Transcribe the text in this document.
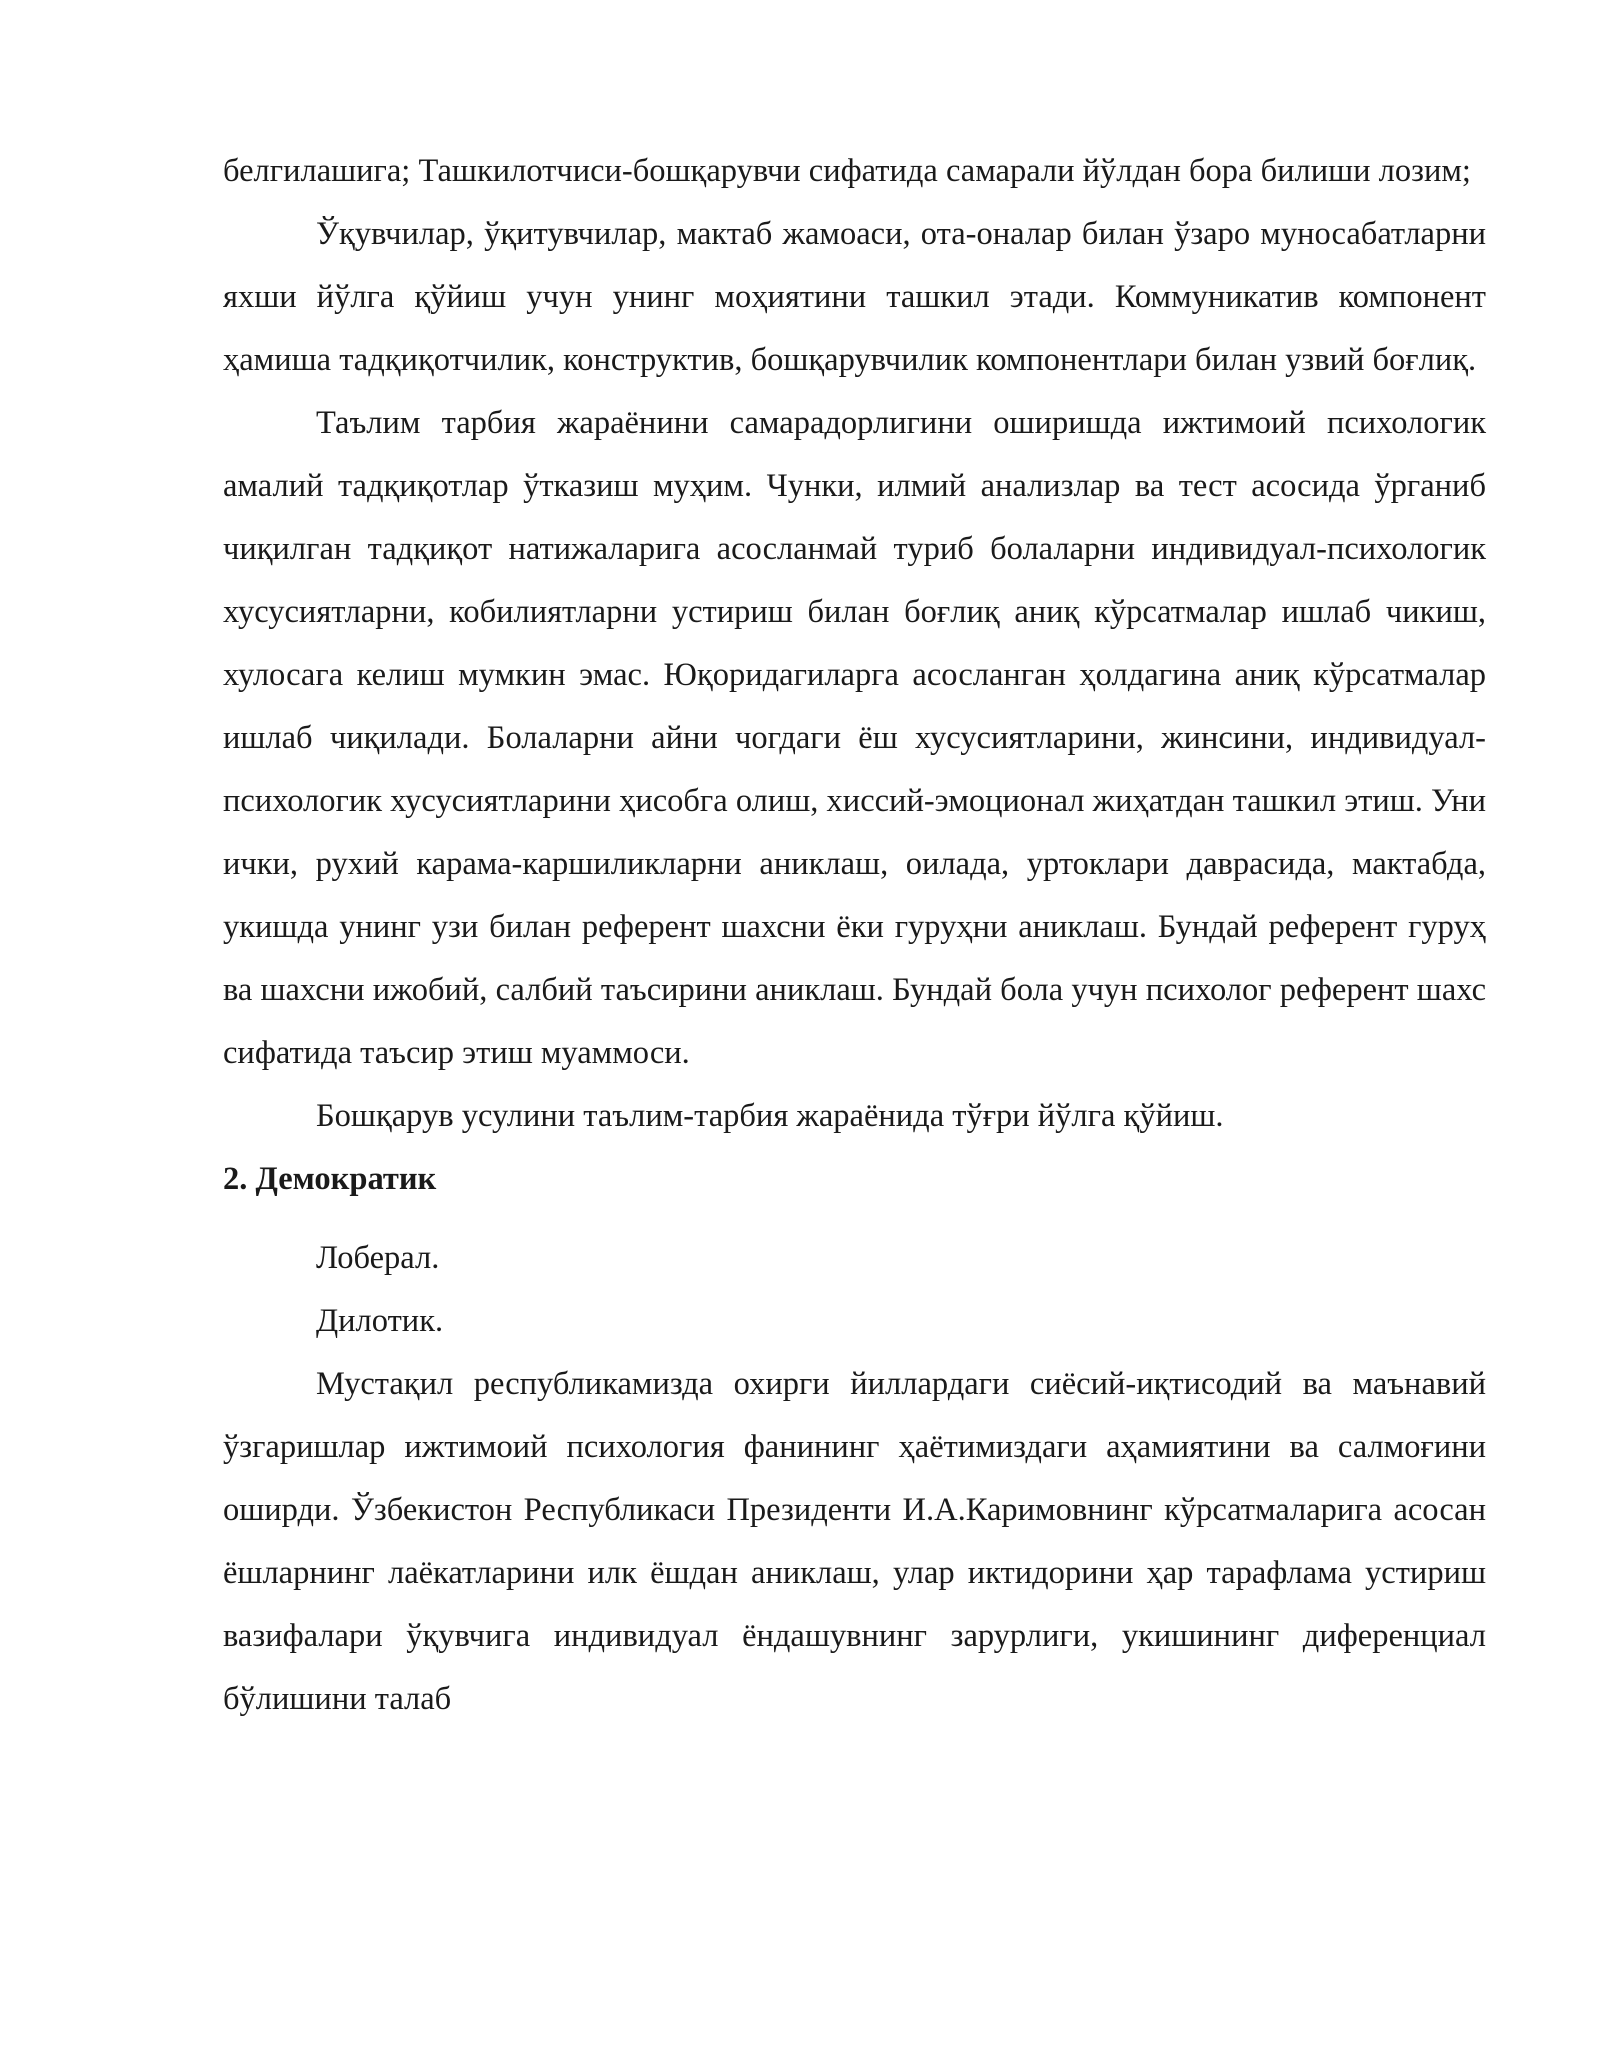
белгилашига; Ташкилотчиси-бошқарувчи сифатида самарали йўлдан бора билиши лозим;

Ўқувчилар, ўқитувчилар, мактаб жамоаси, ота-оналар билан ўзаро муносабатларни яхши йўлга қўйиш учун унинг моҳиятини ташкил этади. Коммуникатив компонент ҳамиша тадқиқотчилик, конструктив, бошқарувчилик компонентлари билан узвий боғлиқ.

Таълим тарбия жараёнини самарадорлигини оширишда ижтимоий психологик амалий тадқиқотлар ўтказиш муҳим. Чунки, илмий анализлар ва тест асосида ўрганиб чиқилган тадқиқот натижаларига асосланмай туриб болаларни индивидуал-психологик хусусиятларни, кобилиятларни устириш билан боғлиқ аниқ кўрсатмалар ишлаб чикиш, хулосага келиш мумкин эмас. Юқоридагиларга асосланган ҳолдагина аниқ кўрсатмалар ишлаб чиқилади. Болаларни айни чогдаги ёш хусусиятларини, жинсини, индивидуал-психологик хусусиятларини ҳисобга олиш, хиссий-эмоционал жиҳатдан ташкил этиш. Уни ички, рухий карама-каршиликларни аниклаш, оилада, уртоклари даврасида, мактабда, укишда унинг узи билан референт шахсни ёки гуруҳни аниклаш. Бундай референт гуруҳ ва шахсни ижобий, салбий таъсирини аниклаш. Бундай бола учун психолог референт шахс сифатида таъсир этиш муаммоси.

Бошқарув усулини таълим-тарбия жараёнида тўғри йўлга қўйиш.

2. Демократик

Лоберал.

Дилотик.

Мустақил республикамизда охирги йиллардаги сиёсий-иқтисодий ва маънавий ўзгаришлар ижтимоий психология фанининг ҳаётимиздаги аҳамиятини ва салмоғини оширди. Ўзбекистон Республикаси Президенти И.А.Каримовнинг кўрсатмаларига асосан ёшларнинг лаёкатларини илк ёшдан аниклаш, улар иктидорини ҳар тарафлама устириш вазифалари ўқувчига индивидуал ёндашувнинг зарурлиги, укишининг диференциал бўлишини талаб
